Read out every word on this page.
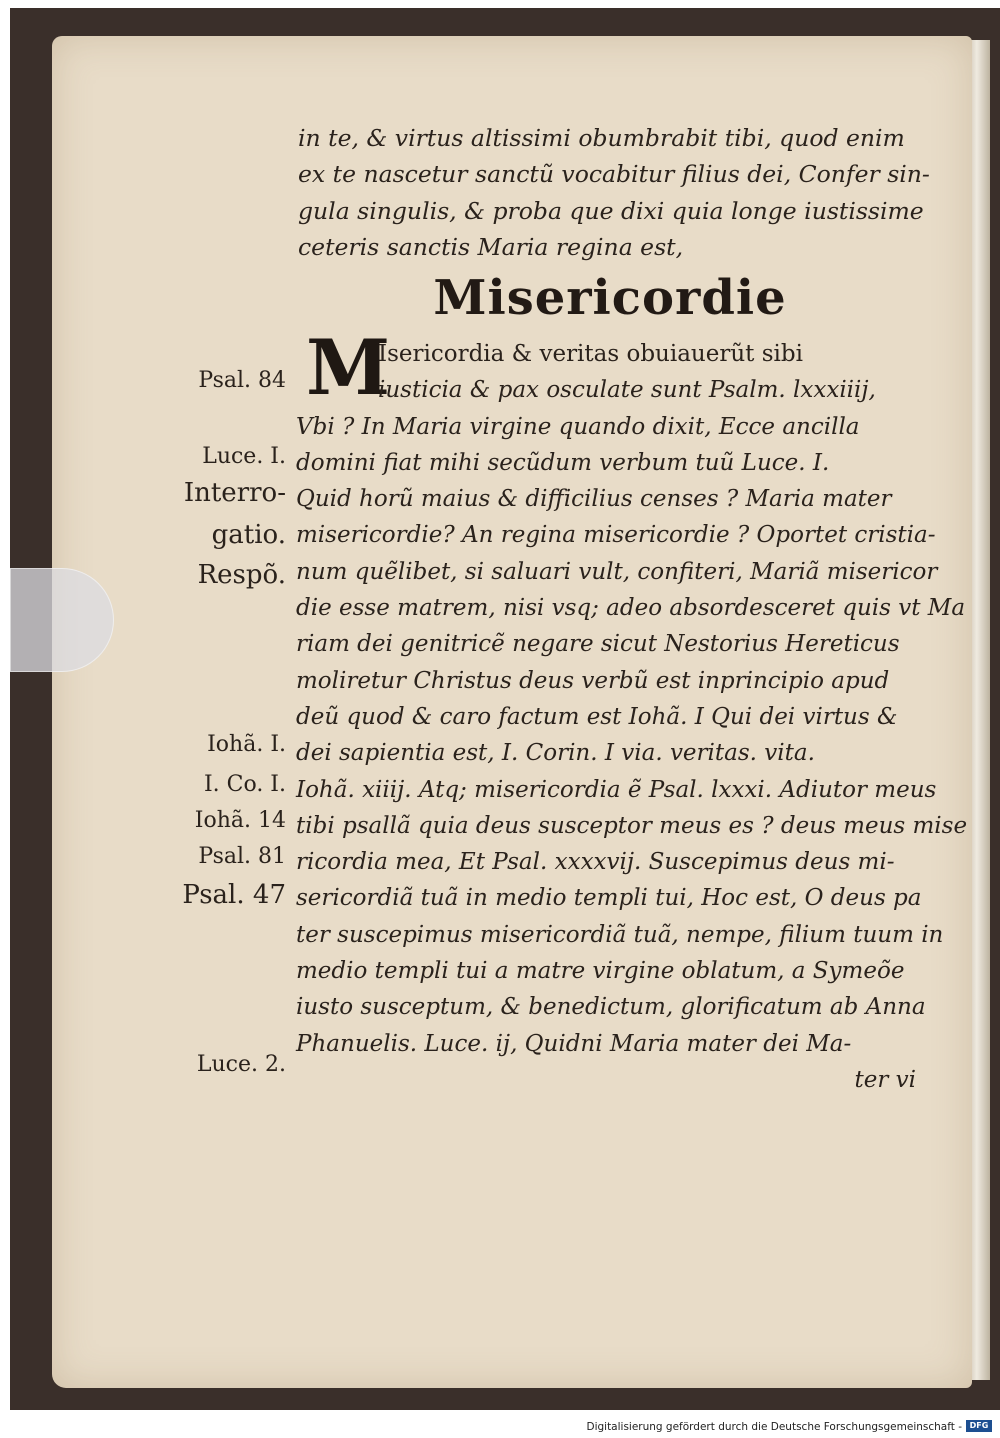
in te, & virtus altissimi obumbrabit tibi, quod enim
ex te nascetur sanctũ vocabitur filius dei, Confer sin-
gula singulis, & proba que dixi quia longe iustissime
ceteris sanctis Maria regina est,
Misericordie
M
Isericordia & veritas obuiauerũt sibi
iusticia & pax osculate sunt Psalm. lxxxiiij,
Vbi ? In Maria virgine quando dixit, Ecce ancilla
domini fiat mihi secũdum verbum tuũ Luce. I.
Quid horũ maius & difficilius censes ? Maria mater
misericordie? An regina misericordie ? Oportet cristia-
num quẽlibet, si saluari vult, confiteri, Mariã misericor
die esse matrem, nisi vsq; adeo absordesceret quis vt Ma
riam dei genitricẽ negare sicut Nestorius Hereticus
moliretur Christus deus verbũ est inprincipio apud
deũ quod & caro factum est Iohã. I Qui dei virtus &
dei sapientia est, I. Corin. I via. veritas. vita.
Iohã. xiiij. Atq; misericordia ẽ Psal. lxxxi. Adiutor meus
tibi psallã quia deus susceptor meus es ? deus meus mise
ricordia mea, Et Psal. xxxxvij. Suscepimus deus mi-
sericordiã tuã in medio templi tui, Hoc est, O deus pa
ter suscepimus misericordiã tuã, nempe, filium tuum in
medio templi tui a matre virgine oblatum, a Symeõe
iusto susceptum, & benedictum, glorificatum ab Anna
Phanuelis. Luce. ij, Quidni Maria mater dei Ma-
ter vi
Psal. 84
Luce. I.
Interro-
gatio.
Respõ.
Iohã. I.
I. Co. I.
Iohã. 14
Psal. 81
Psal. 47
Luce. 2.
Digitalisierung gefördert durch die Deutsche Forschungsgemeinschaft - DFG
